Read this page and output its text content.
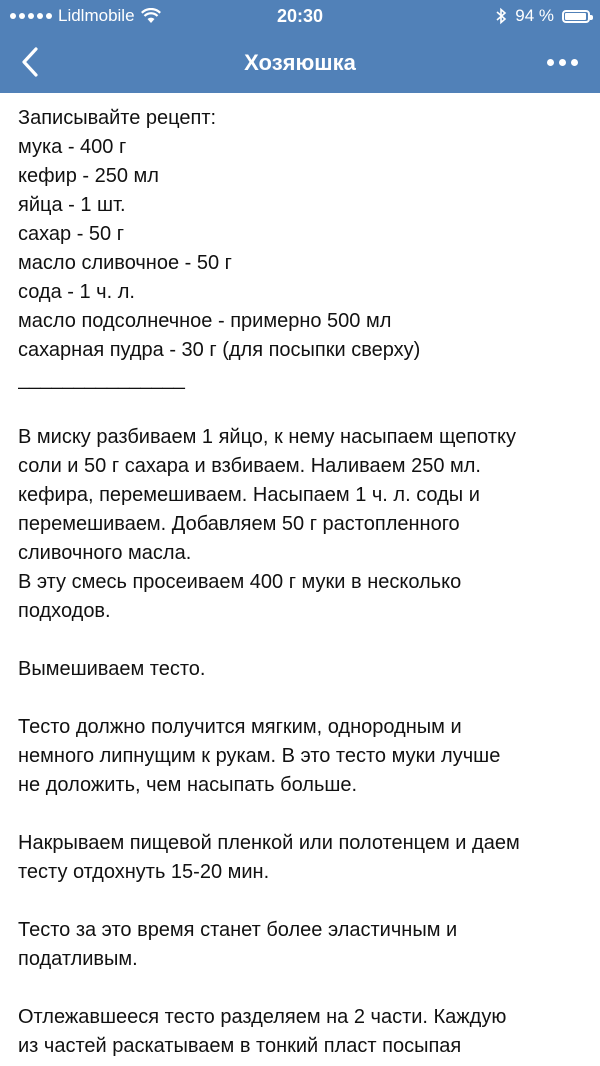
Lidlmobile	20:30	94 %
Хозяюшка
Записывайте рецепт:
мука - 400 г
кефир - 250 мл
яйца - 1 шт.
сахар - 50 г
масло сливочное - 50 г
сода - 1 ч. л.
масло подсолнечное - примерно 500 мл
сахарная пудра - 30 г (для посыпки сверху)
_______________
В миску разбиваем 1 яйцо, к нему насыпаем щепотку
соли и 50 г сахара и взбиваем. Наливаем 250 мл.
кефира, перемешиваем. Насыпаем 1 ч. л. соды и
перемешиваем. Добавляем 50 г растопленного
сливочного масла.
В эту смесь просеиваем 400 г муки в несколько
подходов.
Вымешиваем тесто.
Тесто должно получится мягким, однородным и
немного липнущим к рукам. В это тесто муки лучше
не доложить, чем насыпать больше.
Накрываем пищевой пленкой или полотенцем и даем
тесту отдохнуть 15-20 мин.
Тесто за это время станет более эластичным и
податливым.
Отлежавшееся тесто разделяем на 2 части. Каждую
из частей раскатываем в тонкий пласт посыпая
